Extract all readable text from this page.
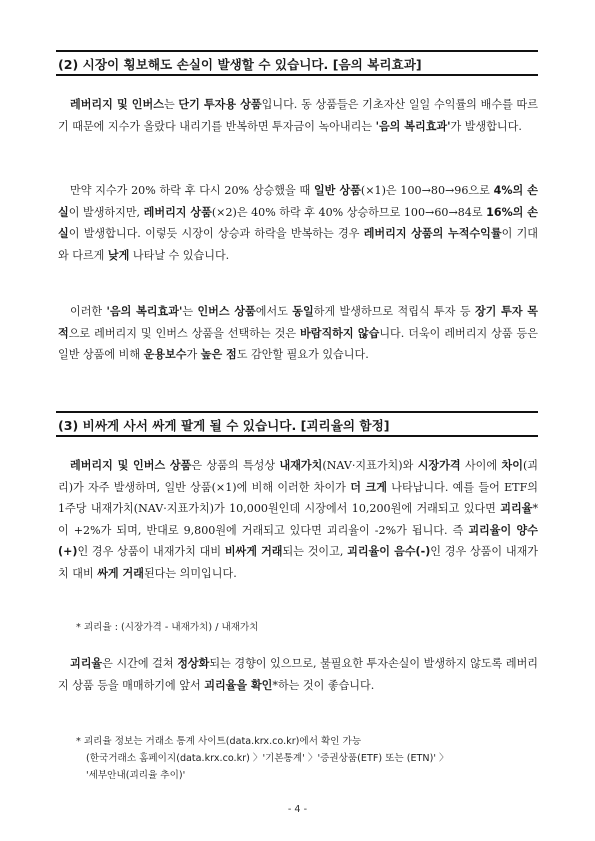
(2) 시장이 횡보해도 손실이 발생할 수 있습니다. [음의 복리효과]
레버리지 및 인버스는 단기 투자용 상품입니다. 동 상품들은 기초자산 일일 수익률의 배수를 따르기 때문에 지수가 올랐다 내리기를 반복하면 투자금이 녹아내리는 '음의 복리효과'가 발생합니다.
만약 지수가 20% 하락 후 다시 20% 상승했을 때 일반 상품(×1)은 100→80→96으로 4%의 손실이 발생하지만, 레버리지 상품(×2)은 40% 하락 후 40% 상승하므로 100→60→84로 16%의 손실이 발생합니다. 이렇듯 시장이 상승과 하락을 반복하는 경우 레버리지 상품의 누적수익률이 기대와 다르게 낮게 나타날 수 있습니다.
이러한 '음의 복리효과'는 인버스 상품에서도 동일하게 발생하므로 적립식 투자 등 장기 투자 목적으로 레버리지 및 인버스 상품을 선택하는 것은 바람직하지 않습니다. 더욱이 레버리지 상품 등은 일반 상품에 비해 운용보수가 높은 점도 감안할 필요가 있습니다.
(3) 비싸게 사서 싸게 팔게 될 수 있습니다. [괴리율의 함정]
레버리지 및 인버스 상품은 상품의 특성상 내재가치(NAV·지표가치)와 시장가격 사이에 차이(괴리)가 자주 발생하며, 일반 상품(×1)에 비해 이러한 차이가 더 크게 나타납니다. 예를 들어 ETF의 1주당 내재가치(NAV·지표가치)가 10,000원인데 시장에서 10,200원에 거래되고 있다면 괴리율*이 +2%가 되며, 반대로 9,800원에 거래되고 있다면 괴리율이 -2%가 됩니다. 즉 괴리율이 양수(+)인 경우 상품이 내재가치 대비 비싸게 거래되는 것이고, 괴리율이 음수(-)인 경우 상품이 내재가치 대비 싸게 거래된다는 의미입니다.
* 괴리율 : (시장가격 - 내재가치) / 내재가치
괴리율은 시간에 걸쳐 정상화되는 경향이 있으므로, 불필요한 투자손실이 발생하지 않도록 레버리지 상품 등을 매매하기에 앞서 괴리율을 확인*하는 것이 좋습니다.
* 괴리율 정보는 거래소 통계 사이트(data.krx.co.kr)에서 확인 가능
(한국거래소 홈페이지(data.krx.co.kr) 〉'기본통계' 〉'증권상품(ETF) 또는 (ETN)' 〉
'세부안내(괴리율 추이)'
- 4 -
